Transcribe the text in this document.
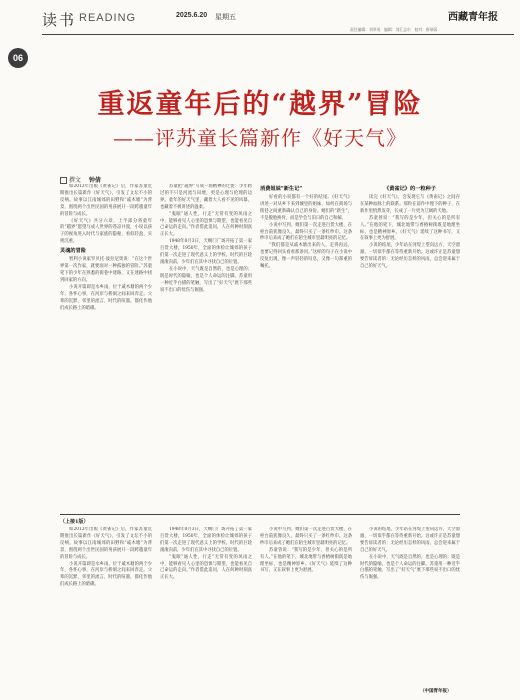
读书 READING
06
2025.6.20 星期五	西藏青年报
责任编辑：刘翠英　编辑：刘汇志尔　校对：崔瑞蓉
重返童年后的“越界”冒险
——评苏童长篇新作《好天气》
撰文 钟倩

如2013年出版《黄雀记》后，作家苏童近期推出长篇新作《好天气》，引发了文坛不小的反响。故事以江南城郊的田野和“戚木塘”为背景，围绕两个出世民国的男孩展开一段跨越童年的冒险与成长。

《好天气》共分六章，上半部分将童年的“越界”愿望与成人世界的苍凉并置，小说以孩子的视角进入时代与家族的隐秘，看似轻盈，实则沉重。

灵魂的冒险

智利小说家罗贝托·波拉尼奥说：“在这个世界第一次作家，就要面对一种孤独的冒险。”苏童笔下的少年在熟悉的街巷中迷路，又在迷路中找到回家的方向。

小说开篇即是水乡雨，位于戚木塘的两个少年，各怀心事，在河岸与桥洞之间来回奔走。父辈的沉默、邻里的流言、时代的喧嚣，都化作他们成长路上的暗礁。

苏童把“越界”写成一场精神的迁徙：少年跨过的不只是河流与田埂，更是心理与伦理的边界。童年的好天气里，藏着大人看不见的风暴，也藏着不被讲述的温柔。

“鬼眼”通人性，行走“无常有变的风雨之中，能够看见人心里的恐惧与期望，也能看见自己命运的走向。”作者借此追问，人在何种时刻真正长大。

1948年8月3日，天赐门广场开拓了第一家百货大楼，1950年，全面的体检让城郊的孩子们第一次走进了现代意义上的学校。时代的巨轮滚滚向前，少年们在其中寻找自己的位置。

在小说中，天气既是自然的，也是心理的；既是时代的隐喻，也是个人命运的注脚。苏童用一种近乎白描的笔触，写出了“好天气”底下那些说不出口的忧伤与倔强。

消费姐妹“新生记”

好看的小说都有一个好的结尾。《好天气》讲述一对从乡下来到城里的姐妹，如何在商场与街巷之间重新确认自己的身份。她们的“新生”，不是脱胎换骨，而是学会与旧日的自己和解。

小说中写到，她们第一次走进百货大楼，在柜台前犹豫良久，最终只买了一条红纱巾。这条纱巾后来成了她们在陌生城市里最明亮的记忆。

“我们都是从戚木塘出来的人，走得再远，也要记得回头看看那条河。”这样的句子在小说中反复出现，像一声轻轻的叹息，又像一句郑重的嘱托。

《黄雀记》的一粒种子

读完《好天气》，会发现它与《黄雀记》之间存在某种血脉上的联系。那粒在前作中埋下的种子，在新作里悄然发芽，长成了一片更为辽阔的天地。

苏童曾说：“我写的是少年，但关心的是所有人。”在他的笔下，城北地带与香椿树街既是地理坐标，也是精神原乡。《好天气》延续了这种书写，又在叙事上更为舒展。

小说的结尾，少年站在河堤上望向远方，天空澄澈，一切似乎都在等待重新开始。这或许正是苏童想要告诉读者的：无论经历怎样的风雨，总会迎来属于自己的好天气。

（上接1版）

如2013年出版《黄雀记》后，作家苏童近期推出长篇新作《好天气》，引发了文坛不小的反响。故事以江南城郊的田野和“戚木塘”为背景，围绕两个出世民国的男孩展开一段跨越童年的冒险与成长。

小说开篇即是水乡雨，位于戚木塘的两个少年，各怀心事，在河岸与桥洞之间来回奔走。父辈的沉默、邻里的流言、时代的喧嚣，都化作他们成长路上的暗礁。

1948年8月3日，天赐门广场开拓了第一家百货大楼，1950年，全面的体检让城郊的孩子们第一次走进了现代意义上的学校。时代的巨轮滚滚向前，少年们在其中寻找自己的位置。

“鬼眼”通人性，行走“无常有变的风雨之中，能够看见人心里的恐惧与期望，也能看见自己命运的走向。”作者借此追问，人在何种时刻真正长大。

小说中写到，她们第一次走进百货大楼，在柜台前犹豫良久，最终只买了一条红纱巾。这条纱巾后来成了她们在陌生城市里最明亮的记忆。

苏童曾说：“我写的是少年，但关心的是所有人。”在他的笔下，城北地带与香椿树街既是地理坐标，也是精神原乡。《好天气》延续了这种书写，又在叙事上更为舒展。

小说的结尾，少年站在河堤上望向远方，天空澄澈，一切似乎都在等待重新开始。这或许正是苏童想要告诉读者的：无论经历怎样的风雨，总会迎来属于自己的好天气。

在小说中，天气既是自然的，也是心理的；既是时代的隐喻，也是个人命运的注脚。苏童用一种近乎白描的笔触，写出了“好天气”底下那些说不出口的忧伤与倔强。

（中国青年报）
